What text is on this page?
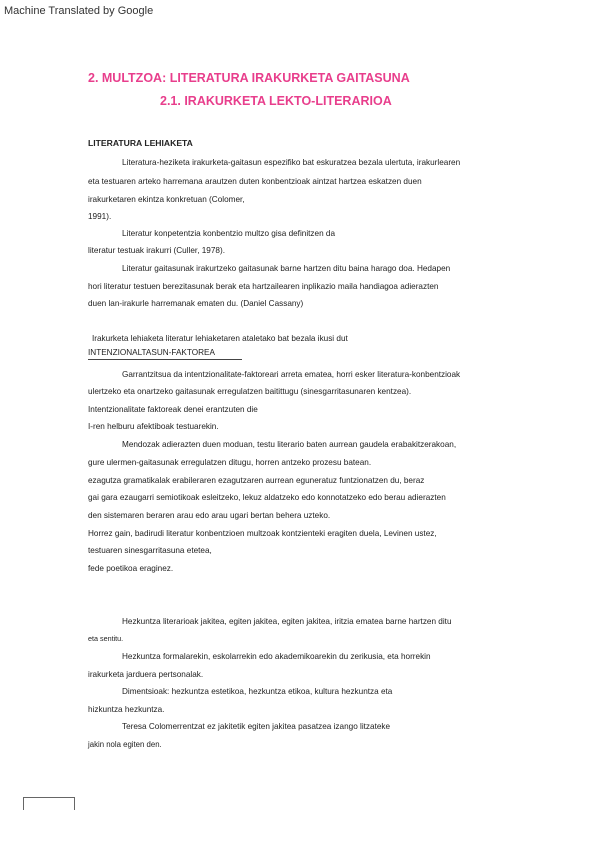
Machine Translated by Google
2. MULTZOA: LITERATURA IRAKURKETA GAITASUNA
2.1. IRAKURKETA LEKTO-LITERARIOA
LITERATURA LEHIAKETA
Literatura-heziketa irakurketa-gaitasun espezifiko bat eskuratzea bezala ulertuta, irakurlearen
eta testuaren arteko harremana arautzen duten konbentzioak aintzat hartzea eskatzen duen
irakurketaren ekintza konkretuan (Colomer,
1991).
Literatur konpetentzia konbentzio multzo gisa definitzen da
literatur testuak irakurri (Culler, 1978).
Literatur gaitasunak irakurtzeko gaitasunak barne hartzen ditu baina harago doa. Hedapen
hori literatur testuen berezitasunak berak eta hartzailearen inplikazio maila handiagoa adierazten
duen lan-irakurle harremanak ematen du. (Daniel Cassany)
Irakurketa lehiaketa literatur lehiaketaren ataletako bat bezala ikusi dut
INTENZIONALTASUN-FAKTOREA
Garrantzitsua da intentzionalitate-faktoreari arreta ematea, horri esker literatura-konbentzioak
ulertzeko eta onartzeko gaitasunak erregulatzen baitittugu (sinesgarritasunaren kentzea).
Intentzionalitate faktoreak denei erantzuten die
I-ren helburu afektiboak testuarekin.
Mendozak adierazten duen moduan, testu literario baten aurrean gaudela erabakitzerakoan,
gure ulermen-gaitasunak erregulatzen ditugu, horren antzeko prozesu batean.
ezagutza gramatikalak erabileraren ezagutzaren aurrean eguneratuz funtzionatzen du, beraz
gai gara ezaugarri semiotikoak esleitzeko, lekuz aldatzeko edo konnotatzeko edo berau adierazten
den sistemaren beraren arau edo arau ugari bertan behera uzteko.
Horrez gain, badirudi literatur konbentzioen multzoak kontzienteki eragiten duela, Levinen ustez,
testuaren sinesgarritasuna etetea,
fede poetikoa eraginez.
Hezkuntza literarioak jakitea, egiten jakitea, egiten jakitea, iritzia ematea barne hartzen ditu
eta sentitu.
Hezkuntza formalarekin, eskolarrekin edo akademikoarekin du zerikusia, eta horrekin
irakurketa jarduera pertsonalak.
Dimentsioak: hezkuntza estetikoa, hezkuntza etikoa, kultura hezkuntza eta
hizkuntza hezkuntza.
Teresa Colomerrentzat ez jakitetik egiten jakitea pasatzea izango litzateke
jakin nola egiten den.
